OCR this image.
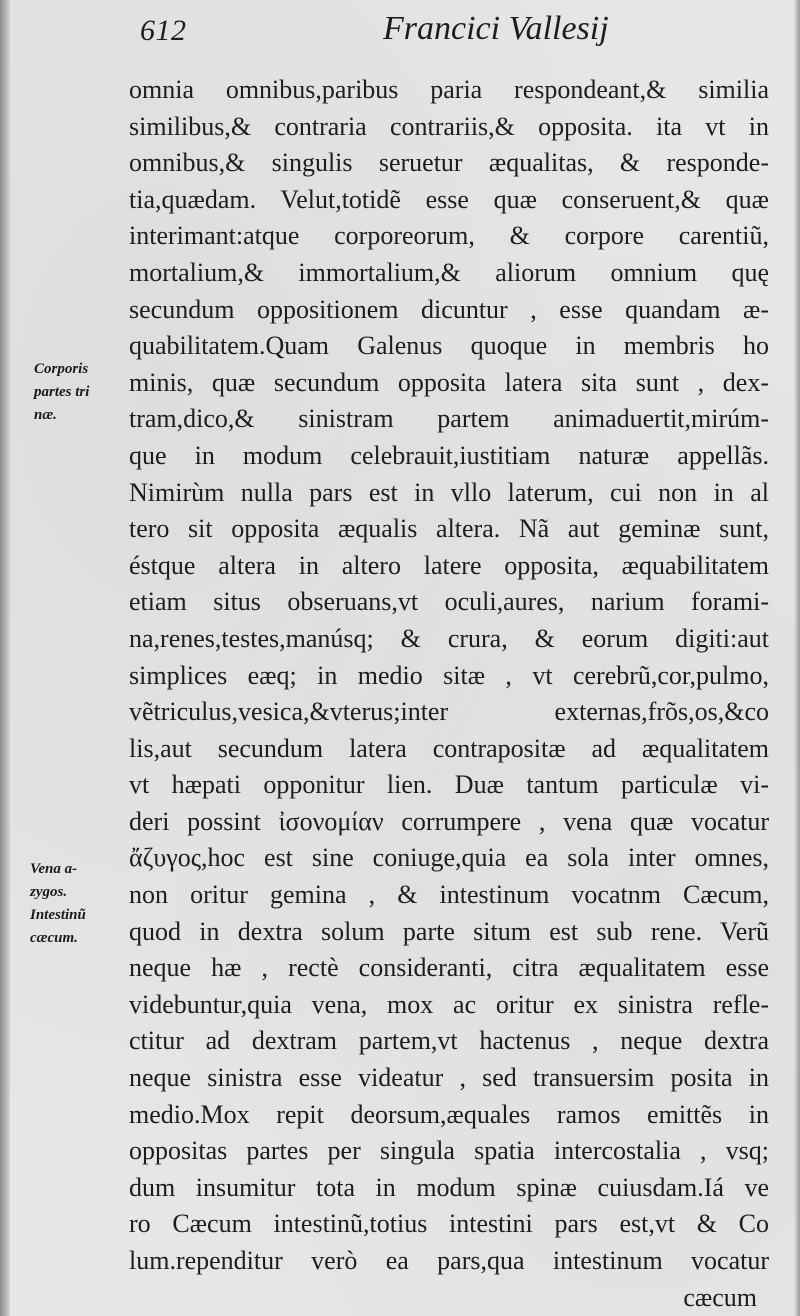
612	Francici Vallesij
Corporis
partes tri
næ.
Vena a-
zygos.
Intestinũ
cæcum.
omnia omnibus,paribus paria respondeant,& similia
similibus,& contraria contrariis,& opposita. ita vt in
omnibus,& singulis seruetur æqualitas, & responde-
tia,quædam. Velut,totidẽ esse quæ conseruent,& quæ
interimant:atque corporeorum, & corpore carentiũ,
mortalium,& immortalium,& aliorum omnium quę
secundum oppositionem dicuntur , esse quandam æ-
quabilitatem.Quam Galenus quoque in membris ho
minis, quæ secundum opposita latera sita sunt , dex-
tram,dico,& sinistram partem animaduertit,mirúm-
que in modum celebrauit,iustitiam naturæ appellãs.
Nimirùm nulla pars est in vllo laterum, cui non in al
tero sit opposita æqualis altera. Nã aut geminæ sunt,
éstque altera in altero latere opposita, æquabilitatem
etiam situs obseruans,vt oculi,aures, narium forami-
na,renes,testes,manúsq; & crura, & eorum digiti:aut
simplices eæq; in medio sitæ , vt cerebrũ,cor,pulmo,
vẽtriculus,vesica,&vterus;inter externas,frõs,os,&co
lis,aut secundum latera contrapositæ ad æqualitatem
vt hæpati opponitur lien. Duæ tantum particulæ vi-
deri possint ἰσονομίαν corrumpere , vena quæ vocatur
ἄζυγος,hoc est sine coniuge,quia ea sola inter omnes,
non oritur gemina , & intestinum vocatnm Cæcum,
quod in dextra solum parte situm est sub rene. Verũ
neque hæ , rectè consideranti, citra æqualitatem esse
videbuntur,quia vena, mox ac oritur ex sinistra refle-
ctitur ad dextram partem,vt hactenus , neque dextra
neque sinistra esse videatur , sed transuersim posita in
medio.Mox repit deorsum,æquales ramos emittẽs in
oppositas partes per singula spatia intercostalia , vsq;
dum insumitur tota in modum spinæ cuiusdam.Iá ve
ro Cæcum intestinũ,totius intestini pars est,vt & Co
lum.rependitur verò ea pars,qua intestinum vocatur
cæcum
